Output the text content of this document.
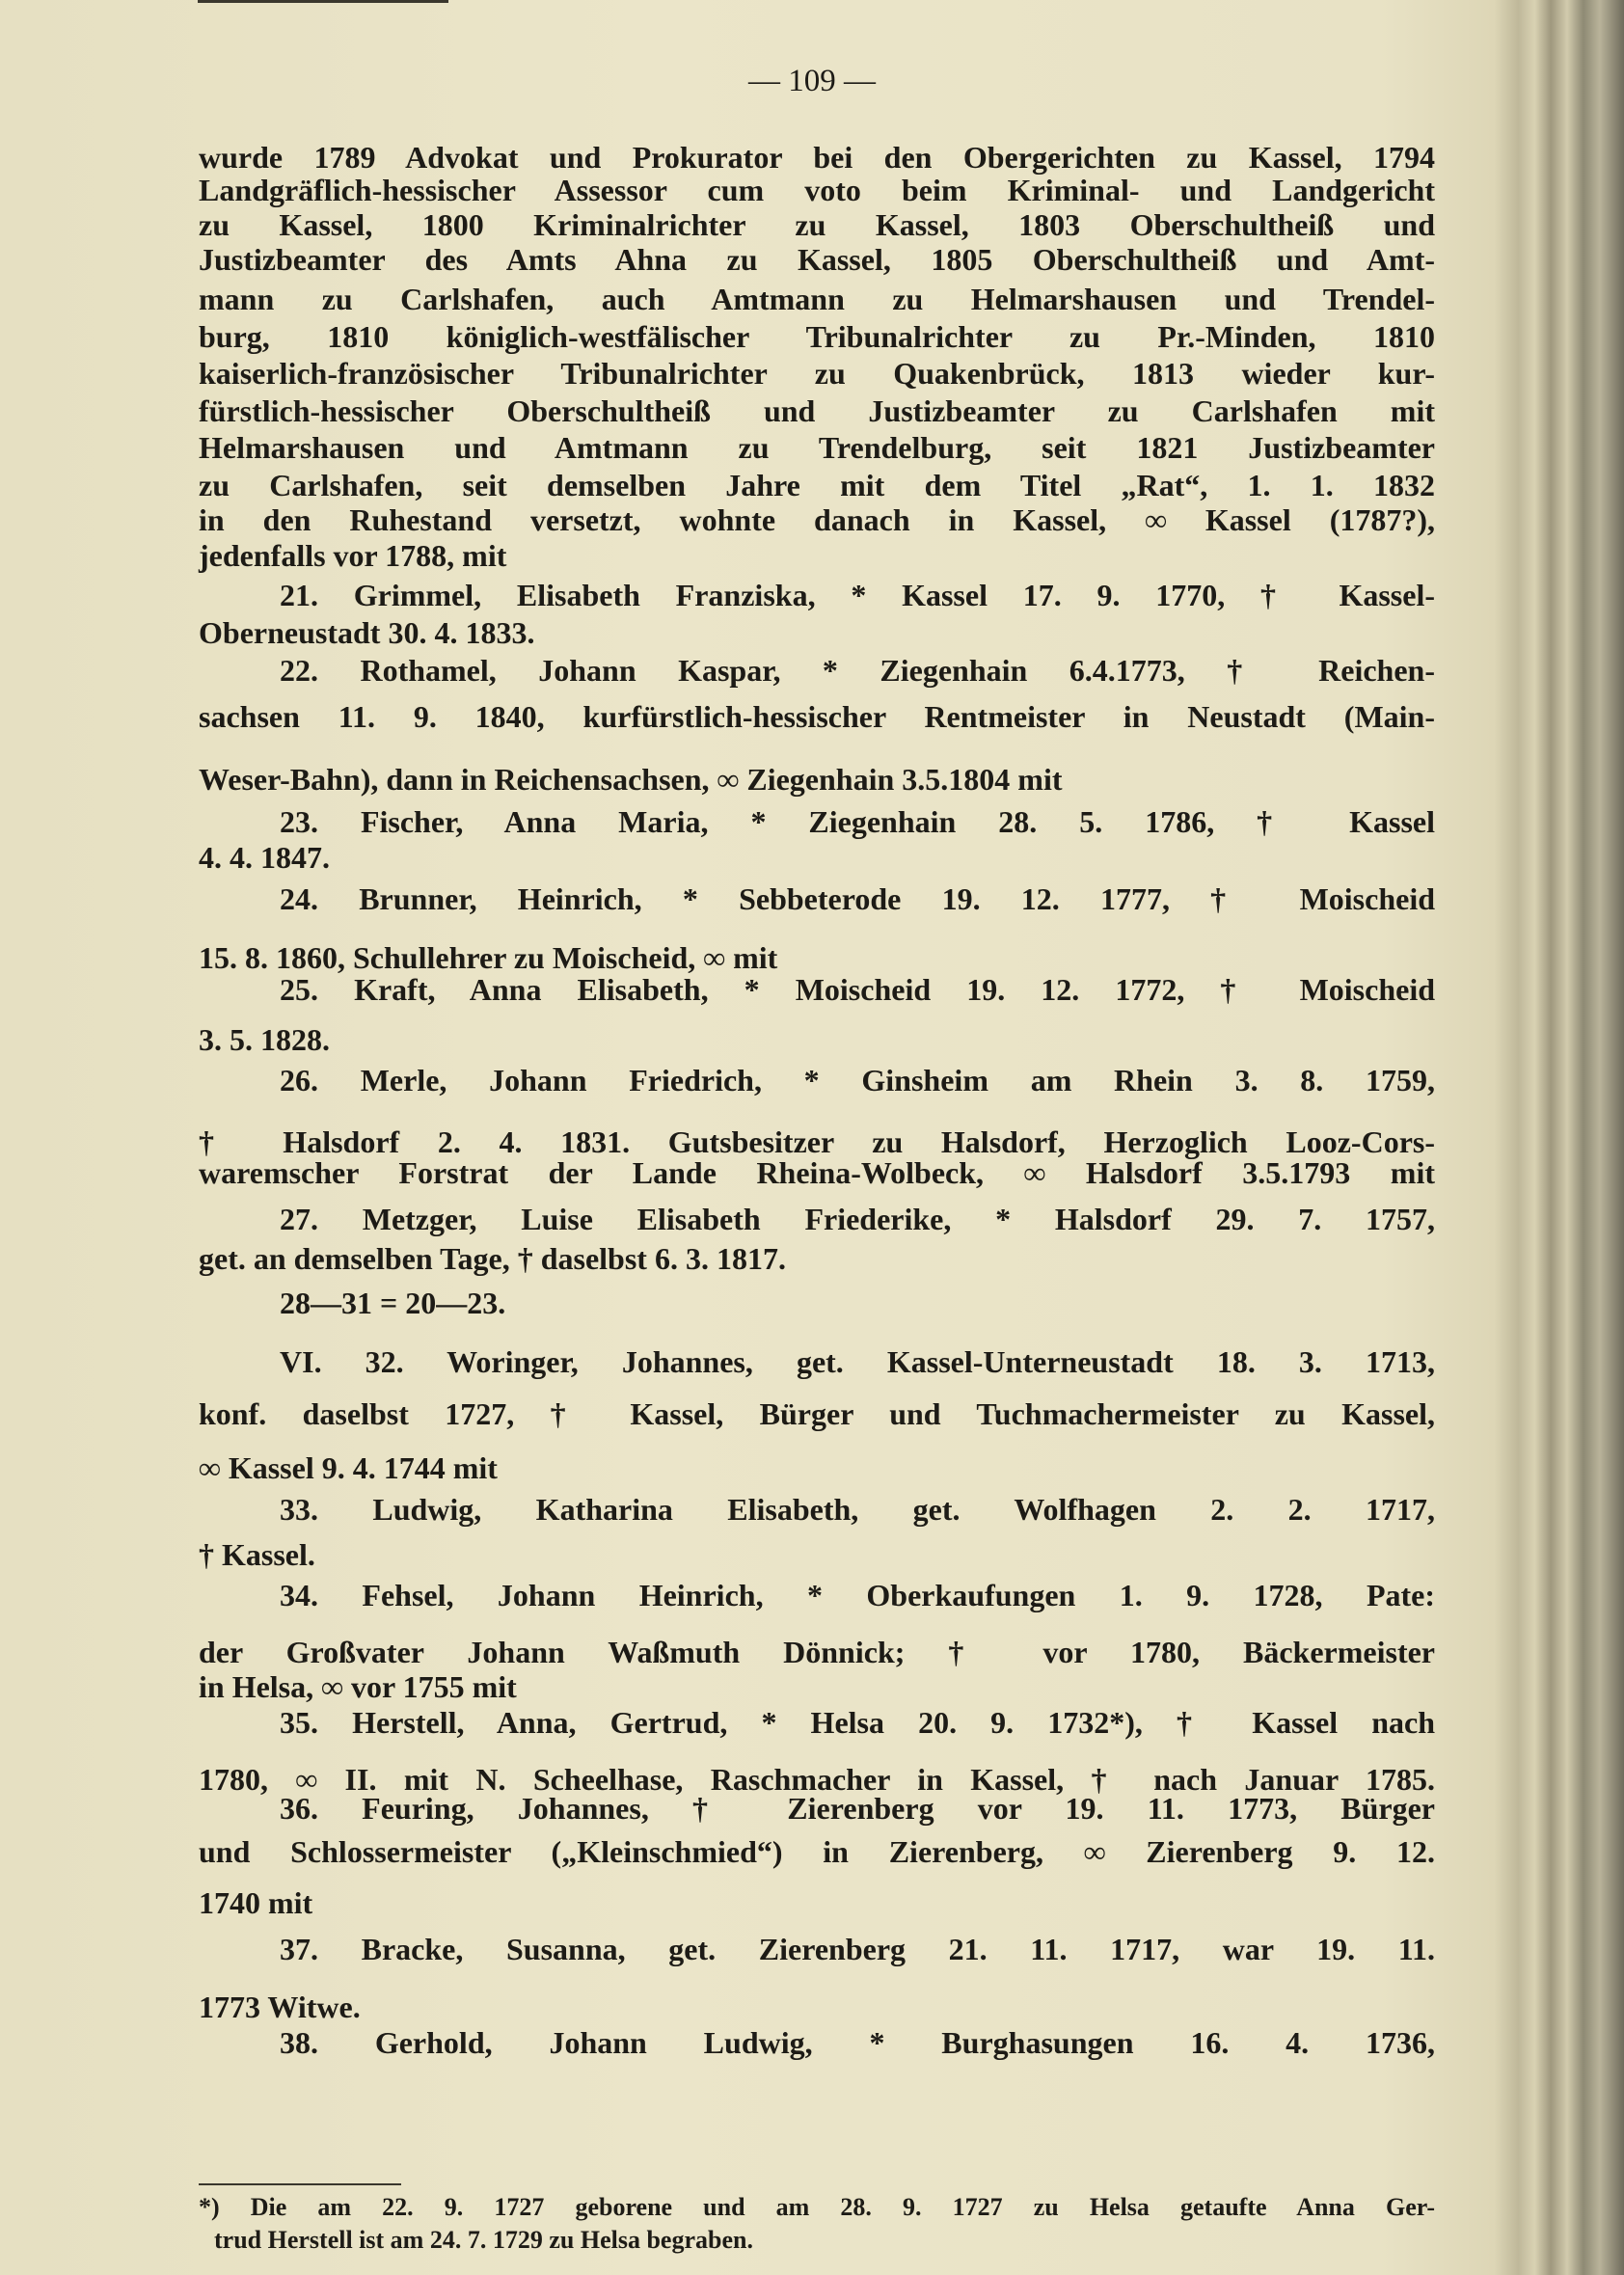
— 109 —
wurde 1789 Advokat und Prokurator bei den Obergerichten zu Kassel, 1794
Landgräflich-hessischer Assessor cum voto beim Kriminal- und Landgericht
zu Kassel, 1800 Kriminalrichter zu Kassel, 1803 Oberschultheiß und
Justizbeamter des Amts Ahna zu Kassel, 1805 Oberschultheiß und Amt-
mann zu Carlshafen, auch Amtmann zu Helmarshausen und Trendel-
burg, 1810 königlich-westfälischer Tribunalrichter zu Pr.-Minden, 1810
kaiserlich-französischer Tribunalrichter zu Quakenbrück, 1813 wieder kur-
fürstlich-hessischer Oberschultheiß und Justizbeamter zu Carlshafen mit
Helmarshausen und Amtmann zu Trendelburg, seit 1821 Justizbeamter
zu Carlshafen, seit demselben Jahre mit dem Titel „Rat“, 1. 1. 1832
in den Ruhestand versetzt, wohnte danach in Kassel, ∞ Kassel (1787?),
jedenfalls vor 1788, mit
21. Grimmel, Elisabeth Franziska, * Kassel 17. 9. 1770, † Kassel-
Oberneustadt 30. 4. 1833.
22. Rothamel, Johann Kaspar, * Ziegenhain 6.4.1773, † Reichen-
sachsen 11. 9. 1840, kurfürstlich-hessischer Rentmeister in Neustadt (Main-
Weser-Bahn), dann in Reichensachsen, ∞ Ziegenhain 3.5.1804 mit
23. Fischer, Anna Maria, * Ziegenhain 28. 5. 1786, † Kassel
4. 4. 1847.
24. Brunner, Heinrich, * Sebbeterode 19. 12. 1777, † Moischeid
15. 8. 1860, Schullehrer zu Moischeid, ∞ mit
25. Kraft, Anna Elisabeth, * Moischeid 19. 12. 1772, † Moischeid
3. 5. 1828.
26. Merle, Johann Friedrich, * Ginsheim am Rhein 3. 8. 1759,
† Halsdorf 2. 4. 1831. Gutsbesitzer zu Halsdorf, Herzoglich Looz-Cors-
waremscher Forstrat der Lande Rheina-Wolbeck, ∞ Halsdorf 3.5.1793 mit
27. Metzger, Luise Elisabeth Friederike, * Halsdorf 29. 7. 1757,
get. an demselben Tage, † daselbst 6. 3. 1817.
28—31 = 20—23.
VI. 32. Woringer, Johannes, get. Kassel-Unterneustadt 18. 3. 1713,
konf. daselbst 1727, † Kassel, Bürger und Tuchmachermeister zu Kassel,
∞ Kassel 9. 4. 1744 mit
33. Ludwig, Katharina Elisabeth, get. Wolfhagen 2. 2. 1717,
† Kassel.
34. Fehsel, Johann Heinrich, * Oberkaufungen 1. 9. 1728, Pate:
der Großvater Johann Waßmuth Dönnick; † vor 1780, Bäckermeister
in Helsa, ∞ vor 1755 mit
35. Herstell, Anna, Gertrud, * Helsa 20. 9. 1732*), † Kassel nach
1780, ∞ II. mit N. Scheelhase, Raschmacher in Kassel, † nach Januar 1785.
36. Feuring, Johannes, † Zierenberg vor 19. 11. 1773, Bürger
und Schlossermeister („Kleinschmied“) in Zierenberg, ∞ Zierenberg 9. 12.
1740 mit
37. Bracke, Susanna, get. Zierenberg 21. 11. 1717, war 19. 11.
1773 Witwe.
38. Gerhold, Johann Ludwig, * Burghasungen 16. 4. 1736,
*) Die am 22. 9. 1727 geborene und am 28. 9. 1727 zu Helsa getaufte Anna Ger-
trud Herstell ist am 24. 7. 1729 zu Helsa begraben.
